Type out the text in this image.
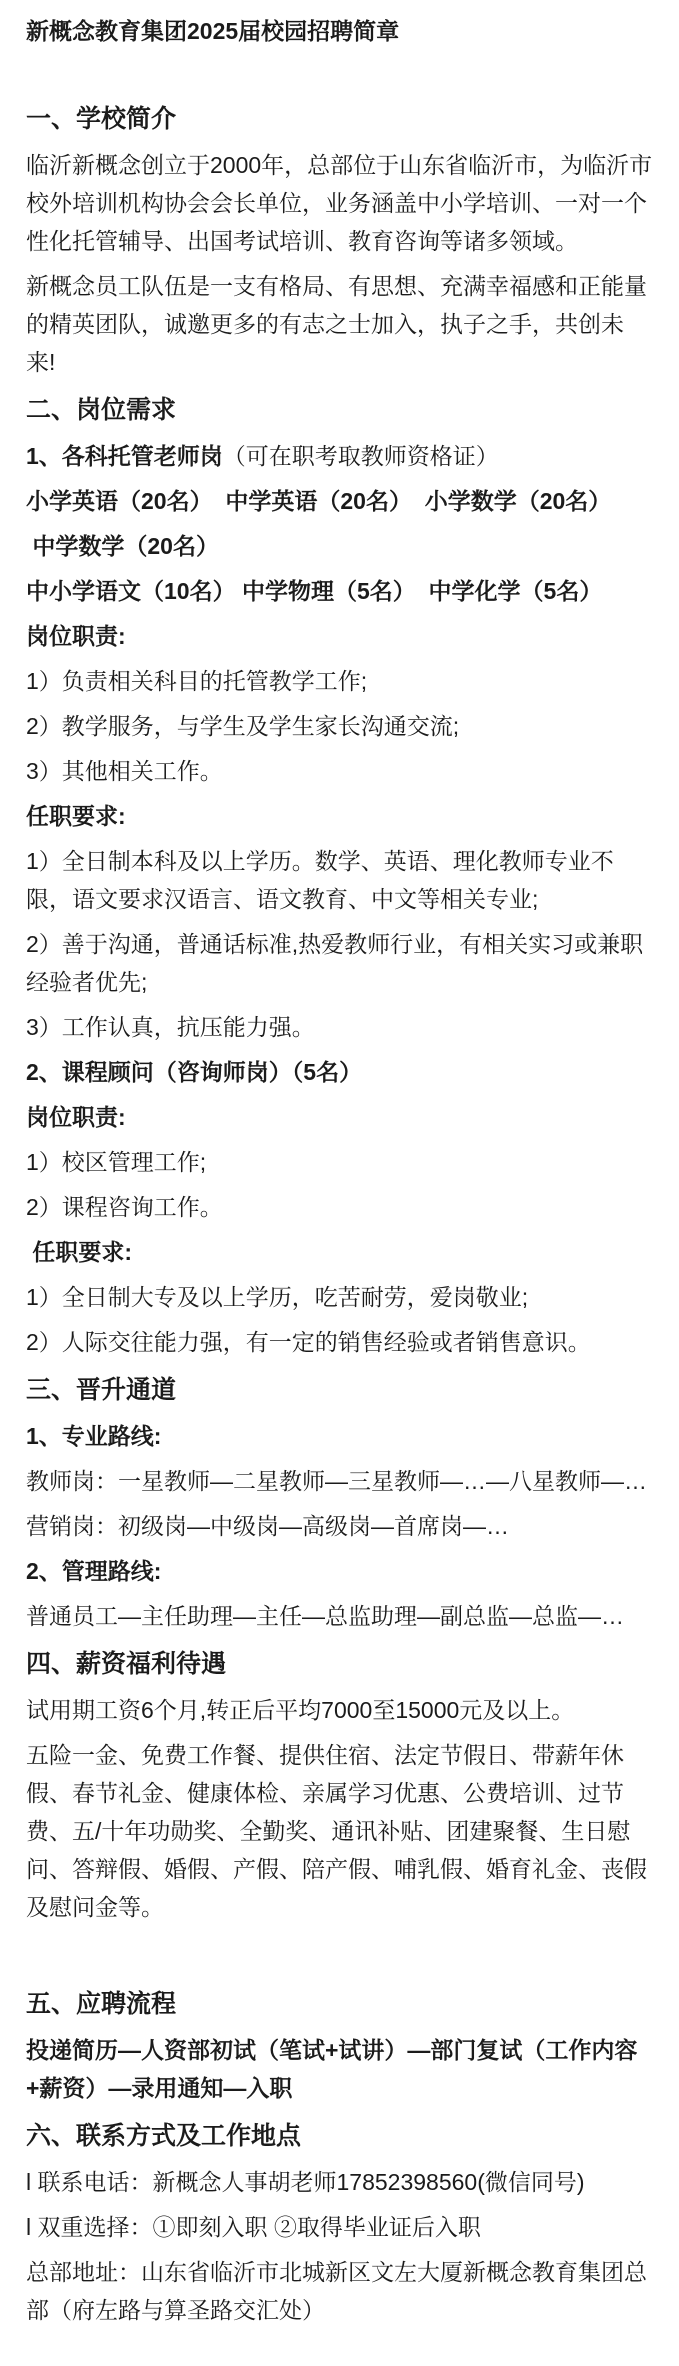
新概念教育集团2025届校园招聘简章
一、学校简介
临沂新概念创立于2000年，总部位于山东省临沂市，为临沂市校外培训机构协会会长单位，业务涵盖中小学培训、一对一个性化托管辅导、出国考试培训、教育咨询等诸多领域。
新概念员工队伍是一支有格局、有思想、充满幸福感和正能量的精英团队，诚邀更多的有志之士加入，执子之手，共创未来!
二、岗位需求
1、各科托管老师岗（可在职考取教师资格证）
小学英语（20名）  中学英语（20名）  小学数学（20名）
中学数学（20名）
中小学语文（10名） 中学物理（5名）  中学化学（5名）
岗位职责:
1）负责相关科目的托管教学工作;
2）教学服务，与学生及学生家长沟通交流;
3）其他相关工作。
任职要求:
1）全日制本科及以上学历。数学、英语、理化教师专业不限，语文要求汉语言、语文教育、中文等相关专业;
2）善于沟通，普通话标准,热爱教师行业，有相关实习或兼职经验者优先;
3）工作认真，抗压能力强。
2、课程顾问（咨询师岗）（5名）
岗位职责:
1）校区管理工作;
2）课程咨询工作。
任职要求:
1）全日制大专及以上学历，吃苦耐劳，爱岗敬业;
2）人际交往能力强，有一定的销售经验或者销售意识。
三、晋升通道
1、专业路线:
教师岗：一星教师—二星教师—三星教师—…—八星教师—…
营销岗：初级岗—中级岗—高级岗—首席岗—…
2、管理路线:
普通员工—主任助理—主任—总监助理—副总监—总监—…
四、薪资福利待遇
试用期工资6个月,转正后平均7000至15000元及以上。
五险一金、免费工作餐、提供住宿、法定节假日、带薪年休假、春节礼金、健康体检、亲属学习优惠、公费培训、过节费、五/十年功勋奖、全勤奖、通讯补贴、团建聚餐、生日慰问、答辩假、婚假、产假、陪产假、哺乳假、婚育礼金、丧假及慰问金等。
五、应聘流程
投递简历—人资部初试（笔试+试讲）—部门复试（工作内容+薪资）—录用通知—入职
六、联系方式及工作地点
l 联系电话：新概念人事胡老师17852398560(微信同号)
l 双重选择：①即刻入职 ②取得毕业证后入职
总部地址：山东省临沂市北城新区文左大厦新概念教育集团总部（府左路与算圣路交汇处）
